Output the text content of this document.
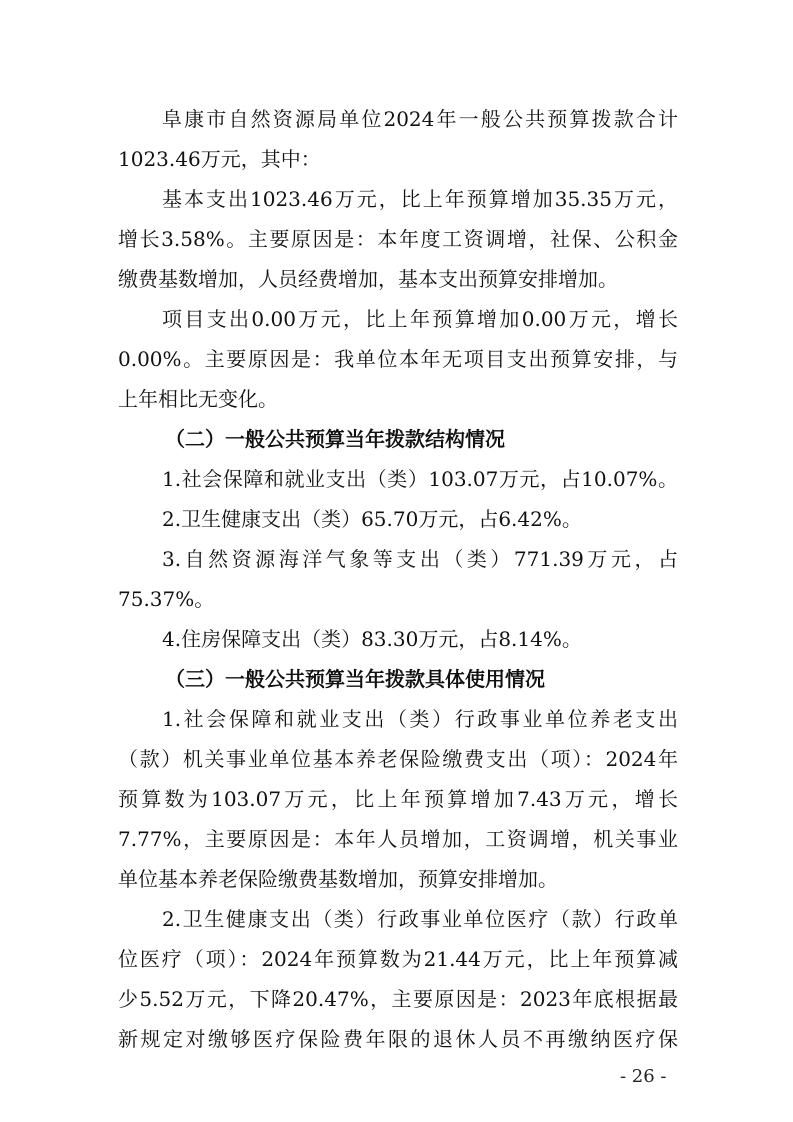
阜康市自然资源局单位2024年一般公共预算拨款合计
1023.46万元，其中：
基本支出1023.46万元，比上年预算增加35.35万元，
增长3.58%。主要原因是：本年度工资调增，社保、公积金
缴费基数增加，人员经费增加，基本支出预算安排增加。
项目支出0.00万元，比上年预算增加0.00万元，增长
0.00%。主要原因是：我单位本年无项目支出预算安排，与
上年相比无变化。
（二）一般公共预算当年拨款结构情况
1.社会保障和就业支出（类）103.07万元，占10.07%。
2.卫生健康支出（类）65.70万元，占6.42%。
3.自然资源海洋气象等支出（类）771.39万元，占
75.37%。
4.住房保障支出（类）83.30万元，占8.14%。
（三）一般公共预算当年拨款具体使用情况
1.社会保障和就业支出（类）行政事业单位养老支出
（款）机关事业单位基本养老保险缴费支出（项）：2024年
预算数为103.07万元，比上年预算增加7.43万元，增长
7.77%，主要原因是：本年人员增加，工资调增，机关事业
单位基本养老保险缴费基数增加，预算安排增加。
2.卫生健康支出（类）行政事业单位医疗（款）行政单
位医疗（项）：2024年预算数为21.44万元，比上年预算减
少5.52万元，下降20.47%，主要原因是：2023年底根据最
新规定对缴够医疗保险费年限的退休人员不再缴纳医疗保
- 26 -
